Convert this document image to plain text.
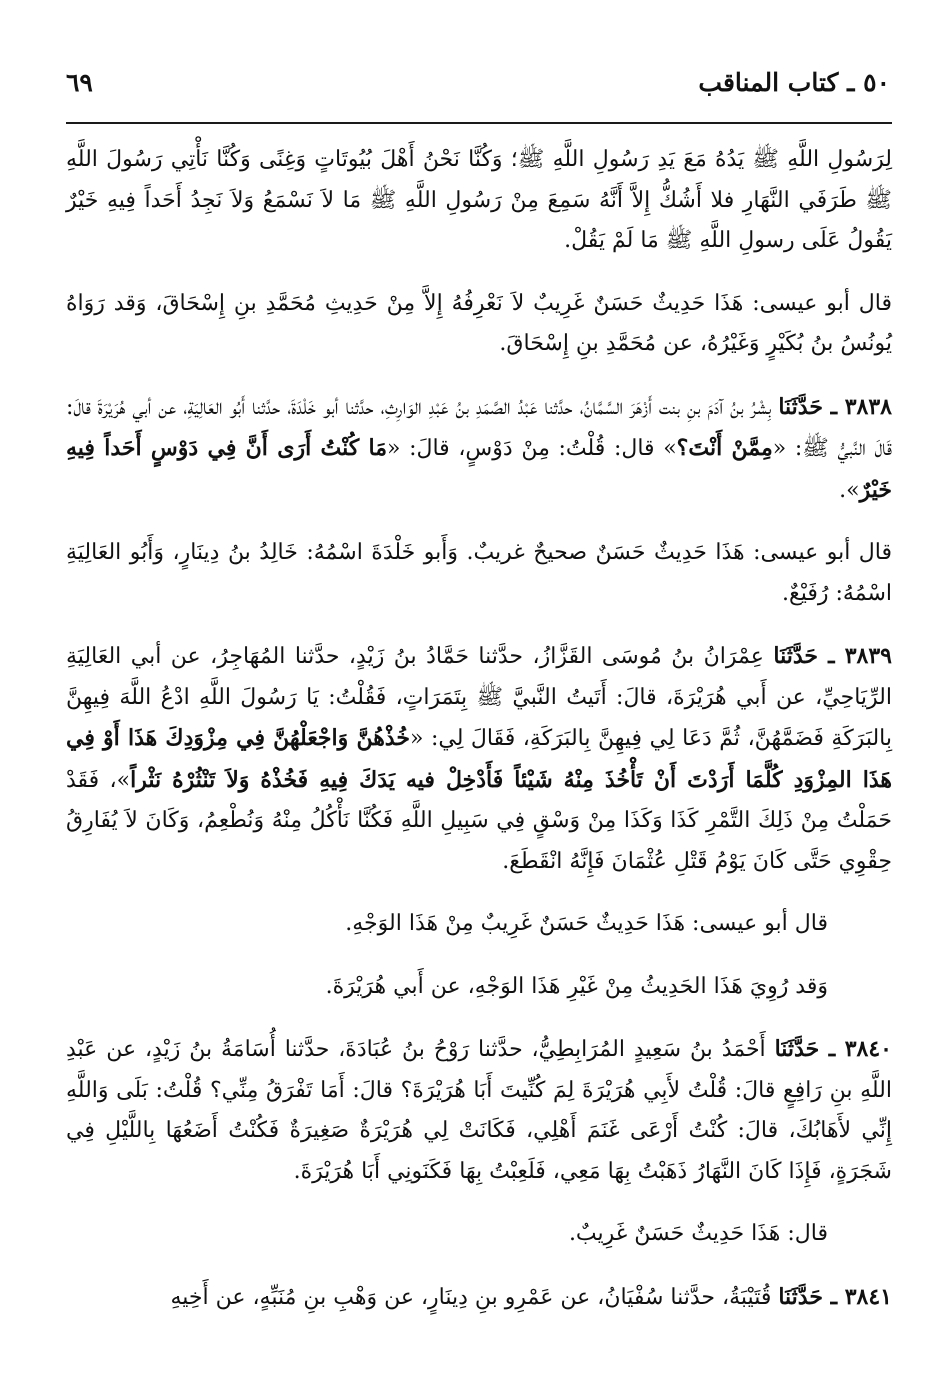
٥٠ ـ كتاب المناقب
٦٩

لِرَسُولِ اللَّهِ ﷺ يَدُهُ مَعَ يَدِ رَسُولِ اللَّهِ ﷺ؛ وَكُنَّا نَحْنُ أَهْلَ بُيُوتَاتٍ وَغِنًى وَكُنَّا نَأْتِي رَسُولَ اللَّهِ ﷺ طَرَفَي النَّهَارِ فلا أَشُكُّ إِلاَّ أَنَّهُ سَمِعَ مِنْ رَسُولِ اللَّهِ ﷺ مَا لاَ نَسْمَعُ وَلاَ نَجِدُ أَحَداً فِيهِ خَيْرٌ يَقُولُ عَلَى رسولِ اللَّهِ ﷺ مَا لَمْ يَقُلْ.

قال أبو عيسى: هَذَا حَدِيثٌ حَسَنٌ غَرِيبٌ لاَ نَعْرِفُهُ إِلاَّ مِنْ حَدِيثِ مُحَمَّدِ بنِ إِسْحَاقَ، وَقد رَوَاهُ يُونُسُ بنُ بُكَيْرٍ وَغَيْرُهُ، عن مُحَمَّدِ بنِ إِسْحَاقَ.

٣٨٣٨ ـ حَدَّثَنَا بِشْرُ بنُ آدَمَ بنِ بنت أَزْهَرَ السَّمَّانُ، حدَّثنا عَبْدُ الصَّمَدِ بنُ عَبْدِ الوَارِثِ، حدَّثنا أبو خَلْدَةَ، حدَّثنا أَبُو العَالِيَةِ، عن أبي هُرَيْرَةَ قالَ: قَالَ النَّبيُّ ﷺ: «مِمَّنْ أَنْتَ؟» قال: قُلْتُ: مِنْ دَوْسٍ، قالَ: «مَا كُنْتُ أَرَى أَنَّ فِي دَوْسٍ أَحَداً فِيهِ خَيْرٌ».

قال أبو عيسى: هَذَا حَدِيثٌ حَسَنٌ صحيحٌ غريبٌ. وَأَبو خَلْدَةَ اسْمُهُ: خَالِدُ بنُ دِينَارٍ، وَأَبُو العَالِيَةِ اسْمُهُ: رُفَيْعٌ.

٣٨٣٩ ـ حَدَّثَنَا عِمْرَانُ بنُ مُوسَى القَزَّازُ، حدَّثنا حَمَّادُ بنُ زَيْدٍ، حدَّثنا المُهَاجِرُ، عن أبي العَالِيَةِ الرِّيَاحِيِّ، عن أَبي هُرَيْرَةَ، قالَ: أَتَيتُ النَّبيَّ ﷺ بِتَمَرَاتٍ، فَقُلْتُ: يَا رَسُولَ اللَّهِ ادْعُ اللَّهَ فِيهِنَّ بِالبَرَكَةِ فَضَمَّهُنَّ، ثُمَّ دَعَا لِي فِيهِنَّ بِالبَرَكَةِ، فَقَالَ لِي: «خُذْهُنَّ وَاجْعَلْهُنَّ فِي مِزْوَدِكَ هَذَا أَوْ فِي هَذَا المِزْوَدِ كُلَّمَا أَرَدْتَ أَنْ تَأْخُذَ مِنْهُ شَيْئاً فَأَدْخِلْ فيه يَدَكَ فِيهِ فَخُذْهُ وَلاَ تَنْثُرْهُ نَثْراً»، فَقَدْ حَمَلْتُ مِنْ ذَلِكَ التَّمْرِ كَذَا وَكَذَا مِنْ وَسْقٍ فِي سَبِيلِ اللَّهِ فَكُنَّا نَأْكُلُ مِنْهُ وَنُطْعِمُ، وَكَانَ لاَ يُفَارِقُ حِقْوِي حَتَّى كَانَ يَوْمُ قَتْلِ عُثْمَانَ فَإِنَّهُ انْقَطَعَ.

قال أبو عيسى: هَذَا حَدِيثٌ حَسَنٌ غَرِيبٌ مِنْ هَذَا الوَجْهِ.

وَقد رُوِيَ هَذَا الحَدِيثُ مِنْ غَيْرِ هَذَا الوَجْهِ، عن أَبي هُرَيْرَةَ.

٣٨٤٠ ـ حَدَّثَنَا أَحْمَدُ بنُ سَعِيدٍ المُرَابِطِيُّ، حدَّثنا رَوْحُ بنُ عُبَادَةَ، حدَّثنا أُسَامَةُ بنُ زَيْدٍ، عن عَبْدِ اللَّهِ بنِ رَافِعٍ قالَ: قُلْتُ لأَبِي هُرَيْرَةَ لِمَ كُنِّيتَ أَبَا هُرَيْرَةَ؟ قالَ: أَمَا تَفْرَقُ مِنِّي؟ قُلْتُ: بَلَى وَاللَّهِ إِنِّي لأَهَابُكَ، قالَ: كُنْتُ أَرْعَى غَنَمَ أَهْلِي، فَكَانَتْ لِي هُرَيْرَةٌ صَغِيرَةٌ فَكُنْتُ أَضَعُهَا بِاللَّيْلِ فِي شَجَرَةٍ، فَإِذَا كَانَ النَّهَارُ ذَهَبْتُ بِهَا مَعِي، فَلَعِبْتُ بِهَا فَكَنَونِي أَبَا هُرَيْرَةَ.

قال: هَذَا حَدِيثٌ حَسَنٌ غَرِيبٌ.

٣٨٤١ ـ حَدَّثَنَا قُتَيْبَةُ، حدَّثنا سُفْيَانُ، عن عَمْرِو بنِ دِينَارٍ، عن وَهْبِ بنِ مُنَبِّهٍ، عن أَخِيهِ
